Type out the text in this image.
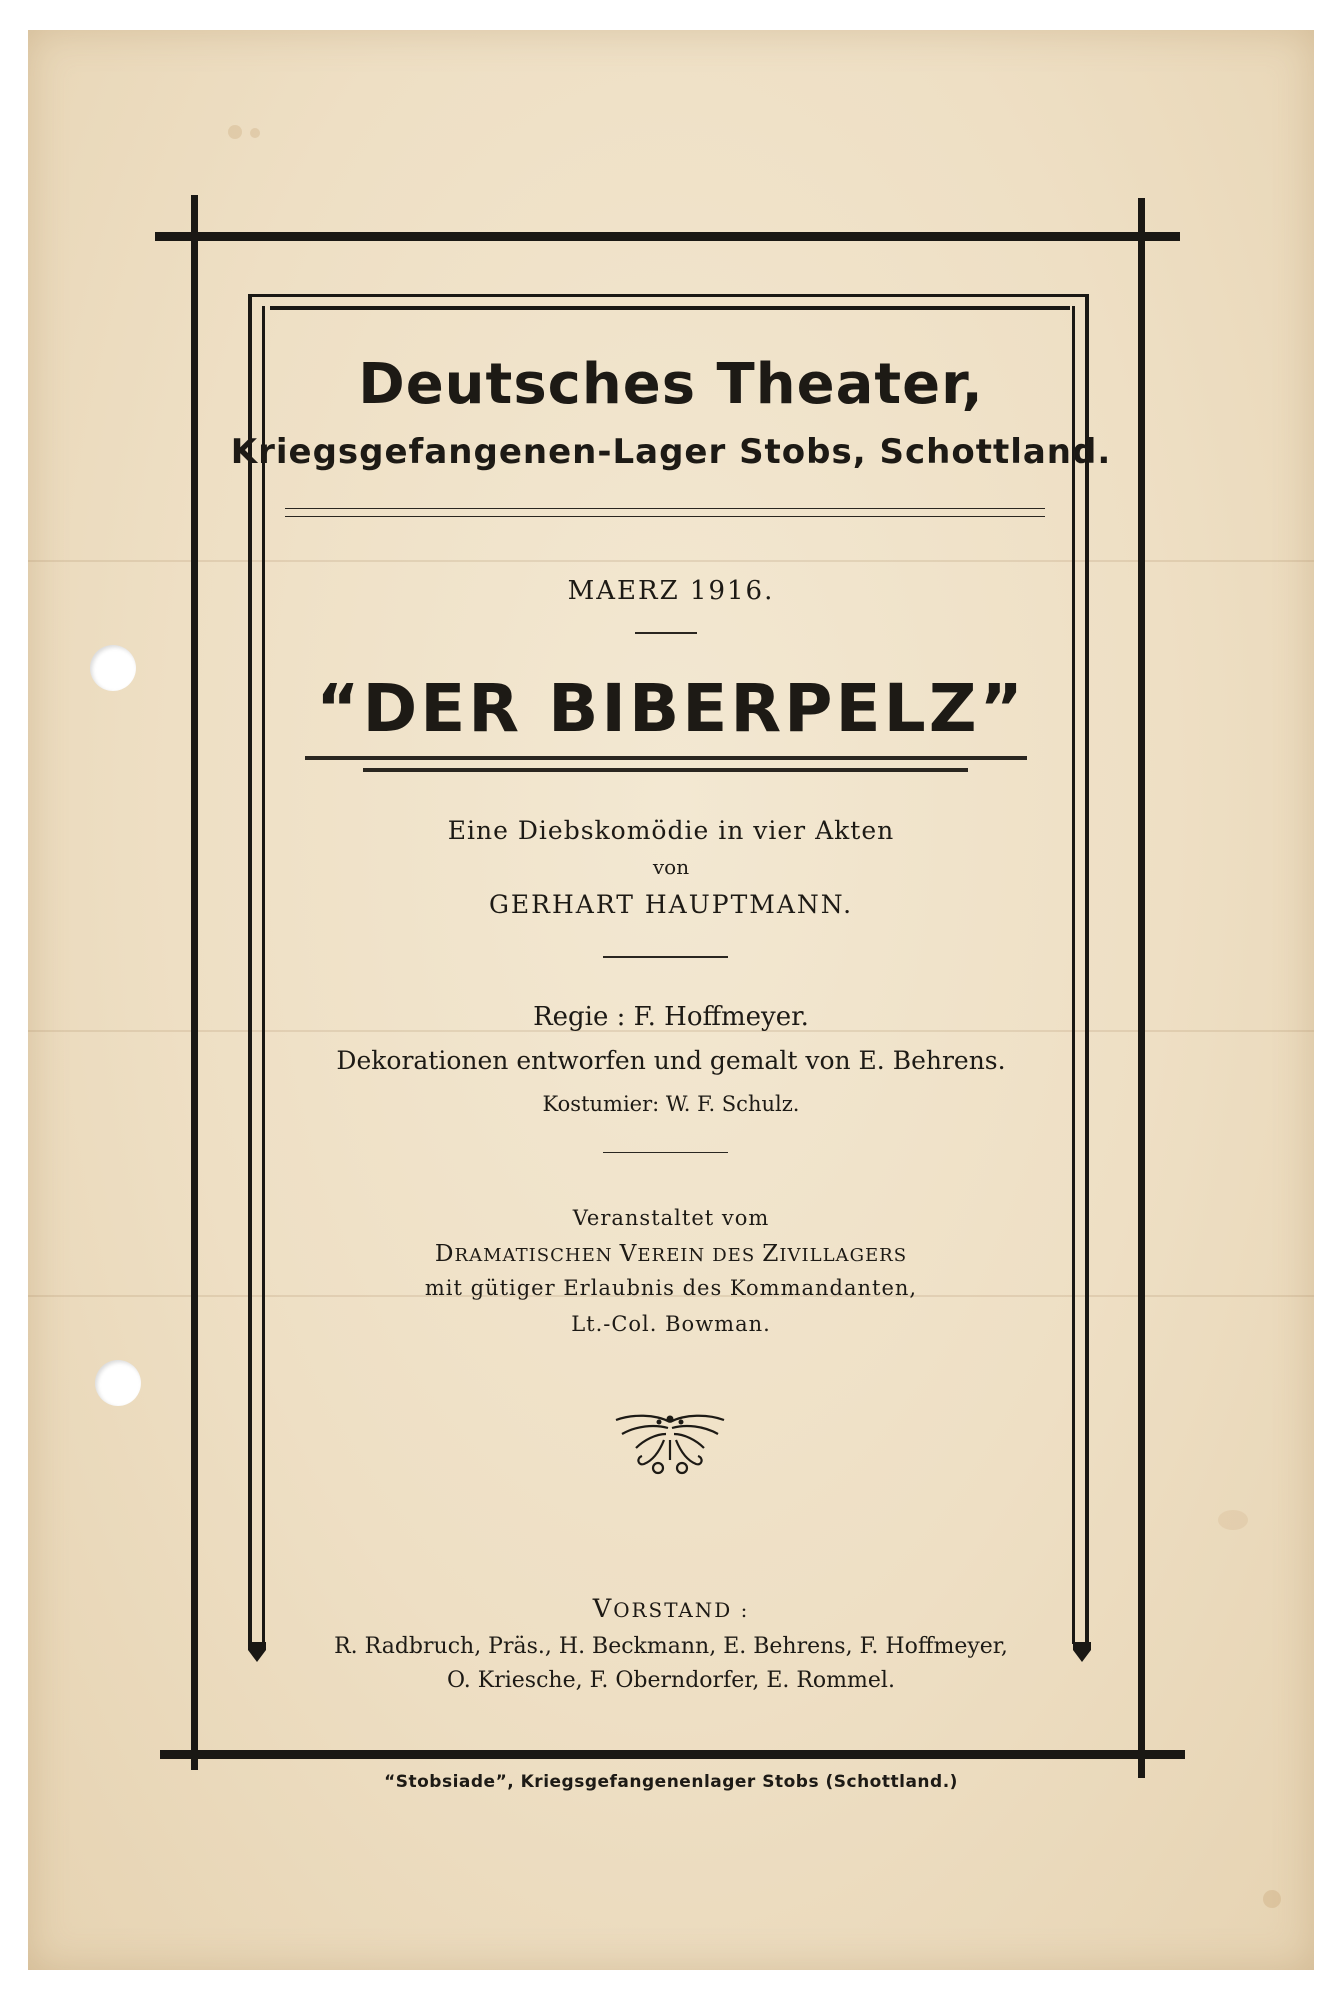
Deutsches Theater,
Kriegsgefangenen-Lager Stobs, Schottland.
MAERZ 1916.
“DER BIBERPELZ”
Eine Diebskomödie in vier Akten
von
GERHART HAUPTMANN.
Regie : F. Hoffmeyer.
Dekorationen entworfen und gemalt von E. Behrens.
Kostumier: W. F. Schulz.
Veranstaltet vom
DRAMATISCHEN VEREIN DES ZIVILLAGERS
mit gütiger Erlaubnis des Kommandanten,
Lt.-Col. Bowman.
VORSTAND :
R. Radbruch, Präs., H. Beckmann, E. Behrens, F. Hoffmeyer,
O. Kriesche, F. Oberndorfer, E. Rommel.
“Stobsiade”, Kriegsgefangenenlager Stobs (Schottland.)
